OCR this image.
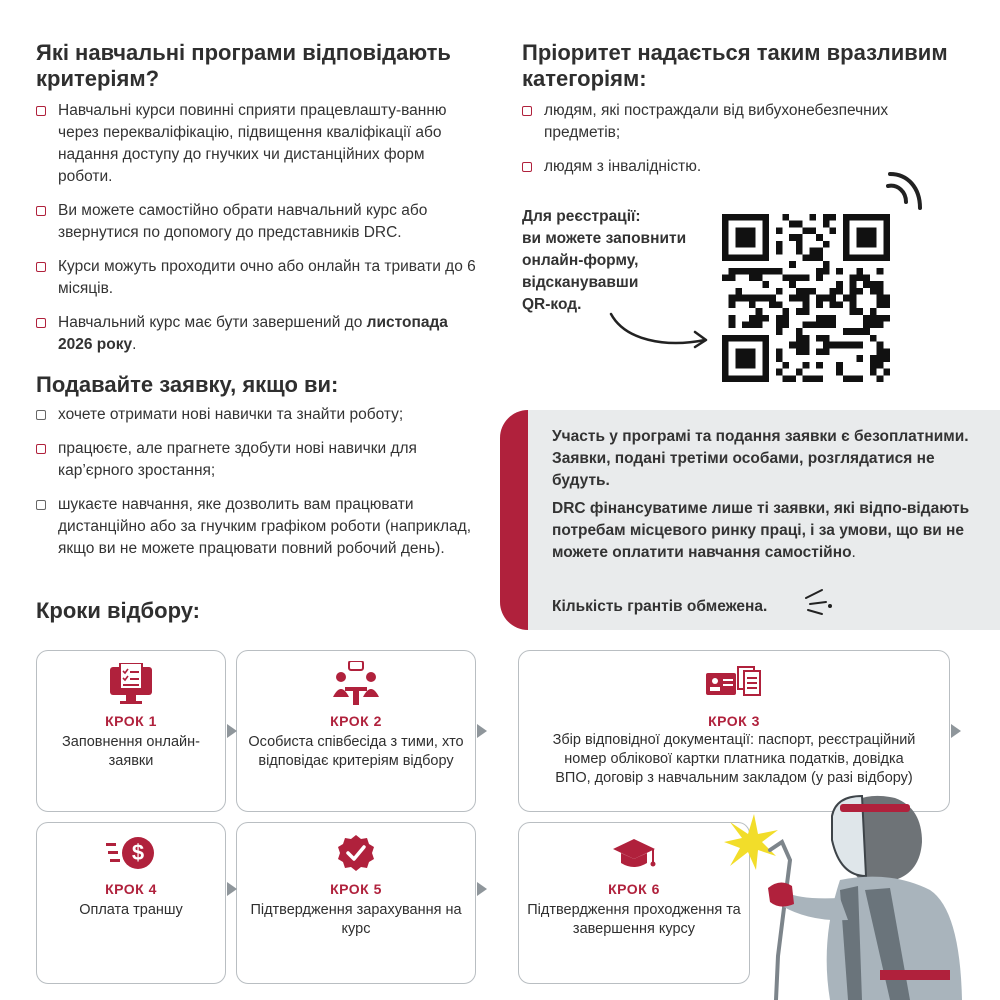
Які навчальні програми відповідають критеріям?
Навчальні курси повинні сприяти працевлашту-ванню через перекваліфікацію, підвищення кваліфікації або надання доступу до гнучких чи дистанційних форм роботи.
Ви можете самостійно обрати навчальний курс або звернутися по допомогу до представників DRC.
Курси можуть проходити очно або онлайн та тривати до 6 місяців.
Навчальний курс має бути завершений до листопада 2026 року.
Подавайте заявку, якщо ви:
хочете отримати нові навички та знайти роботу;
працюєте, але прагнете здобути нові навички для кар’єрного зростання;
шукаєте навчання, яке дозволить вам працювати дистанційно або за гнучким графіком роботи (наприклад, якщо ви не можете працювати повний робочий день).
Кроки відбору:
Пріоритет надається таким вразливим категоріям:
людям, які постраждали від вибухонебезпечних предметів;
людям з інвалідністю.
Для реєстрації:
ви можете заповнити
онлайн-форму,
відсканувавши
QR-код.

Участь у програмі та подання заявки є безоплатними. Заявки, подані третіми особами, розглядатися не будуть.

DRC фінансуватиме лише ті заявки, які відпо-відають потребам місцевого ринку праці, і за умови, що ви не можете оплатити навчання самостійно.

Кількість грантів обмежена.

КРОК 1
Заповнення онлайн-заявки
КРОК 2
Особиста співбесіда з тими, хто відповідає критеріям відбору
КРОК 3
Збір відповідної документації: паспорт, реєстраційний номер облікової картки платника податків, довідка ВПО, договір з навчальним закладом (у разі відбору)
$
КРОК 4
Оплата траншу
КРОК 5
Підтвердження зарахування на курс
КРОК 6
Підтвердження проходження та завершення курсу
